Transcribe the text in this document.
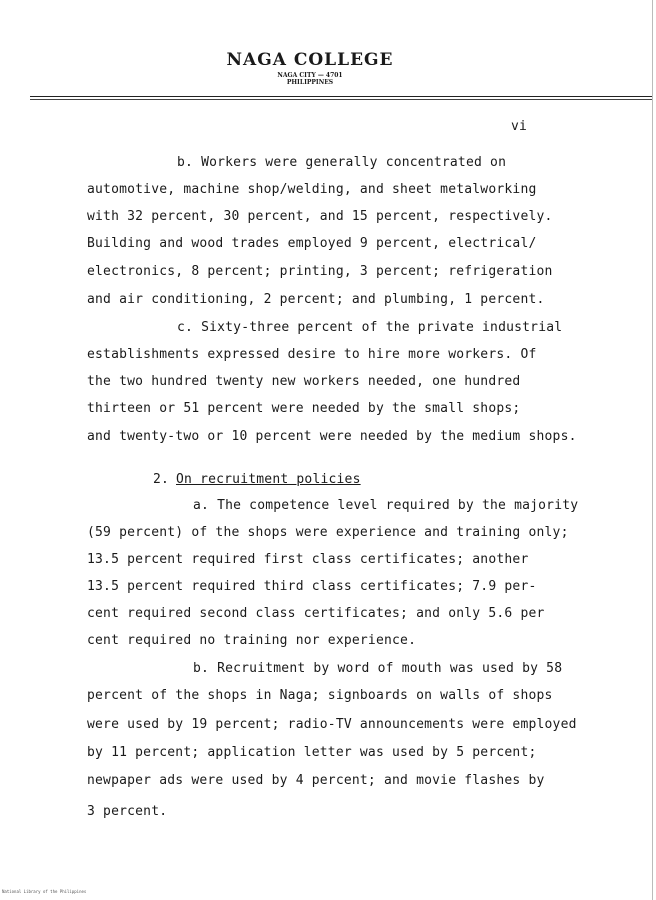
NAGA COLLEGE
NAGA CITY — 4701
PHILIPPINES
vi
b. Workers were generally concentrated on
automotive, machine shop/welding, and sheet metalworking
with 32 percent, 30 percent, and 15 percent, respectively.
Building and wood trades employed 9 percent, electrical/
electronics, 8 percent; printing, 3 percent; refrigeration
and air conditioning, 2 percent; and plumbing, 1 percent.
c. Sixty-three percent of the private industrial
establishments expressed desire to hire more workers. Of
the two hundred twenty new workers needed, one hundred
thirteen or 51 percent were needed by the small shops;
and twenty-two or 10 percent were needed by the medium shops.
2. On recruitment policies
a. The competence level required by the majority
(59 percent) of the shops were experience and training only;
13.5 percent required first class certificates; another
13.5 percent required third class certificates; 7.9 per-
cent required second class certificates; and only 5.6 per
cent required no training nor experience.
b. Recruitment by word of mouth was used by 58
percent of the shops in Naga; signboards on walls of shops
were used by 19 percent; radio-TV announcements were employed
by 11 percent; application letter was used by 5 percent;
newpaper ads were used by 4 percent; and movie flashes by
3 percent.
National Library of the Philippines
